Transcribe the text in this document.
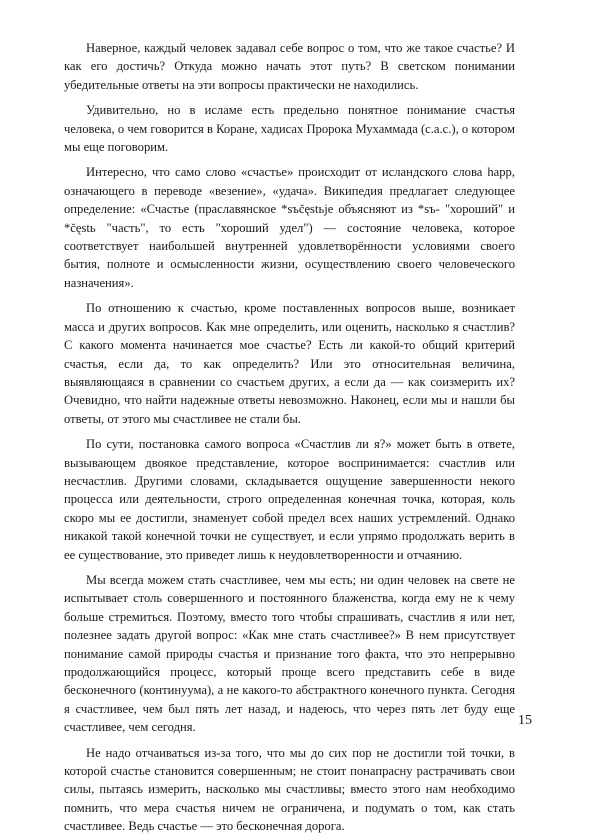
Наверное, каждый человек задавал себе вопрос о том, что же такое счастье? И как его достичь? Откуда можно начать этот путь? В светском понимании убедительные ответы на эти вопросы практически не находились.

Удивительно, но в исламе есть предельно понятное понимание счастья человека, о чем говорится в Коране, хадисах Пророка Мухаммада (с.а.с.), о котором мы еще поговорим.

Интересно, что само слово «счастье» происходит от исландского слова happ, означающего в переводе «везение», «удача». Википедия предлагает следующее определение: «Счастье (праславянское *sъčęstьje объясняют из *sъ- "хороший" и *čęstь "часть", то есть "хороший удел") — состояние человека, которое соответствует наибольшей внутренней удовлетворённости условиями своего бытия, полноте и осмысленности жизни, осуществлению своего человеческого назначения».

По отношению к счастью, кроме поставленных вопросов выше, возникает масса и других вопросов. Как мне определить, или оценить, насколько я счастлив? С какого момента начинается мое счастье? Есть ли какой-то общий критерий счастья, если да, то как определить? Или это относительная величина, выявляющаяся в сравнении со счастьем других, а если да — как соизмерить их? Очевидно, что найти надежные ответы невозможно. Наконец, если мы и нашли бы ответы, от этого мы счастливее не стали бы.

По сути, постановка самого вопроса «Счастлив ли я?» может быть в ответе, вызывающем двоякое представление, которое воспринимается: счастлив или несчастлив. Другими словами, складывается ощущение завершенности некого процесса или деятельности, строго определенная конечная точка, которая, коль скоро мы ее достигли, знаменует собой предел всех наших устремлений. Однако никакой такой конечной точки не существует, и если упрямо продолжать верить в ее существование, это приведет лишь к неудовлетворенности и отчаянию.

Мы всегда можем стать счастливее, чем мы есть; ни один человек на свете не испытывает столь совершенного и постоянного блаженства, когда ему не к чему больше стремиться. Поэтому, вместо того чтобы спрашивать, счастлив я или нет, полезнее задать другой вопрос: «Как мне стать счастливее?» В нем присутствует понимание самой природы счастья и признание того факта, что это непрерывно продолжающийся процесс, который проще всего представить себе в виде бесконечного (континуума), а не какого-то абстрактного конечного пункта. Сегодня я счастливее, чем был пять лет назад, и надеюсь, что через пять лет буду еще счастливее, чем сегодня.

Не надо отчаиваться из-за того, что мы до сих пор не достигли той точки, в которой счастье становится совершенным; не стоит понапрасну растрачивать свои силы, пытаясь измерить, насколько мы счастливы; вместо этого нам необходимо помнить, что мера счастья ничем не ограничена, и подумать о том, как стать счастливее. Ведь счастье — это бесконечная дорога.

15
